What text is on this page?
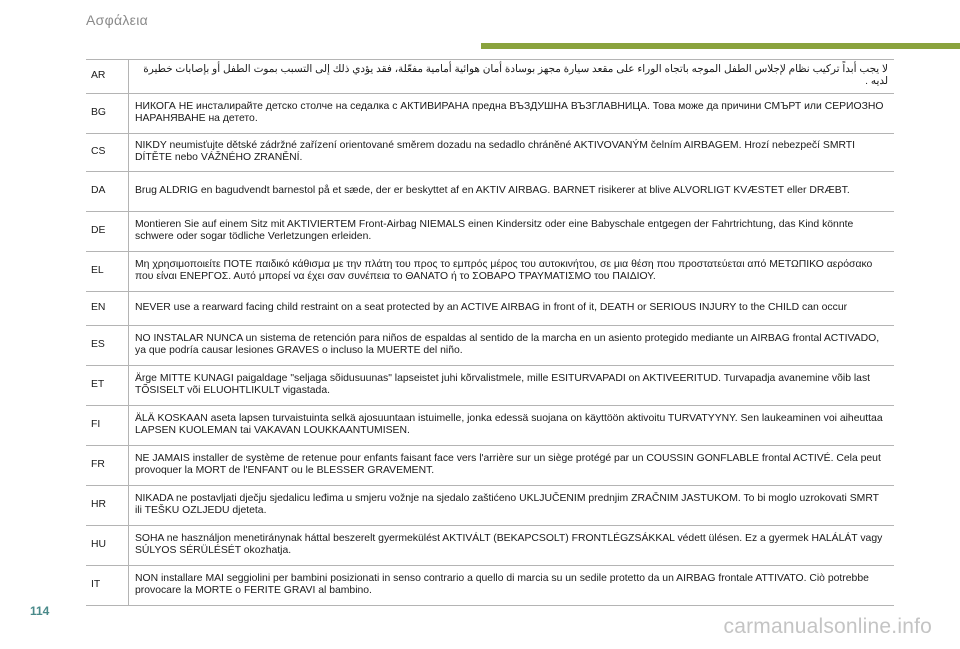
Ασφάλεια
AR	لا يجب أبداً تركيب نظام لإجلاس الطفل الموجه باتجاه الوراء على مقعد سيارة مجهز بوسادة أمان هوائية أمامية مفعّلة، فقد يؤدي ذلك إلى التسبب بموت الطفل أو بإصابات خطيرة لديه .
BG	НИКОГА НЕ инсталирайте детско столче на седалка с АКТИВИРАНА предна ВЪЗДУШНА ВЪЗГЛАВНИЦА. Това може да причини СМЪРТ или СЕРИОЗНО НАРАНЯВАНЕ на детето.
CS	NIKDY neumisťujte dětské zádržné zařízení orientované směrem dozadu na sedadlo chráněné AKTIVOVANÝM čelním AIRBAGEM. Hrozí nebezpečí SMRTI DÍTĚTE nebo VÁŽNÉHO ZRANĚNÍ.
DA	Brug ALDRIG en bagudvendt barnestol på et sæde, der er beskyttet af en AKTIV AIRBAG. BARNET risikerer at blive ALVORLIGT KVÆSTET eller DRÆBT.
DE	Montieren Sie auf einem Sitz mit AKTIVIERTEM Front-Airbag NIEMALS einen Kindersitz oder eine Babyschale entgegen der Fahrtrichtung, das Kind könnte schwere oder sogar tödliche Verletzungen erleiden.
EL	Μη χρησιμοποιείτε ΠΟΤΕ παιδικό κάθισμα με την πλάτη του προς το εμπρός μέρος του αυτοκινήτου, σε μια θέση που προστατεύεται από ΜΕΤΩΠΙΚΟ αερόσακο που είναι ΕΝΕΡΓΟΣ. Αυτό μπορεί να έχει σαν συνέπεια το ΘΑΝΑΤΟ ή το ΣΟΒΑΡΟ ΤΡΑΥΜΑΤΙΣΜΟ του ΠΑΙΔΙΟΥ.
EN	NEVER use a rearward facing child restraint on a seat protected by an ACTIVE AIRBAG in front of it, DEATH or SERIOUS INJURY to the CHILD can occur
ES	NO INSTALAR NUNCA un sistema de retención para niños de espaldas al sentido de la marcha en un asiento protegido mediante un AIRBAG frontal ACTIVADO, ya que podría causar lesiones GRAVES o incluso la MUERTE del niño.
ET	Ärge MITTE KUNAGI paigaldage "seljaga sõidusuunas" lapseistet juhi kõrvalistmele, mille ESITURVAPADI on AKTIVEERITUD. Turvapadja avanemine võib last TÕSISELT või ELUOHTLIKULT vigastada.
FI	ÄLÄ KOSKAAN aseta lapsen turvaistuinta selkä ajosuuntaan istuimelle, jonka edessä suojana on käyttöön aktivoitu TURVATYYNY. Sen laukeaminen voi aiheuttaa LAPSEN KUOLEMAN tai VAKAVAN LOUKKAANTUMISEN.
FR	NE JAMAIS installer de système de retenue pour enfants faisant face vers l'arrière sur un siège protégé par un COUSSIN GONFLABLE frontal ACTIVÉ. Cela peut provoquer la MORT de l'ENFANT ou le BLESSER GRAVEMENT.
HR	NIKADA ne postavljati dječju sjedalicu leđima u smjeru vožnje na sjedalo zaštićeno UKLJUČENIM prednjim ZRAČNIM JASTUKOM. To bi moglo uzrokovati SMRT ili TEŠKU OZLJEDU djeteta.
HU	SOHA ne használjon menetiránynak háttal beszerelt gyermekülést AKTIVÁLT (BEKAPCSOLT) FRONTLÉGZSÁKKAL védett ülésen. Ez a gyermek HALÁLÁT vagy SÚLYOS SÉRÜLÉSÉT okozhatja.
IT	NON installare MAI seggiolini per bambini posizionati in senso contrario a quello di marcia su un sedile protetto da un AIRBAG frontale ATTIVATO. Ciò potrebbe provocare la MORTE o FERITE GRAVI al bambino.
114
carmanualsonline.info
